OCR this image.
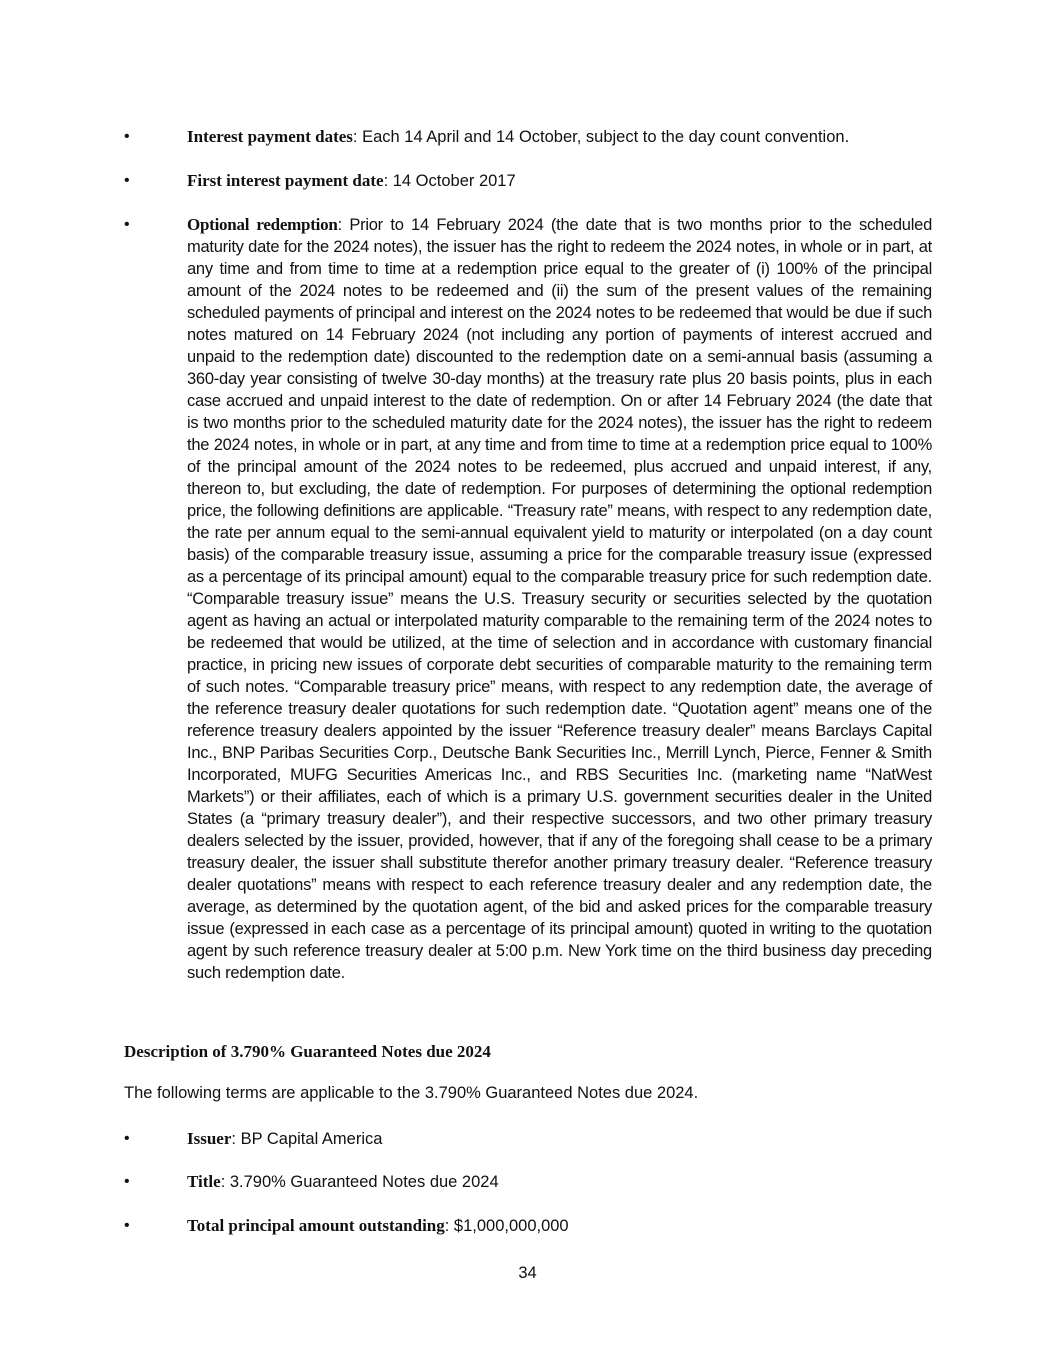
•	Interest payment dates: Each 14 April and 14 October, subject to the day count convention.
•	First interest payment date: 14 October 2017
•	Optional redemption: Prior to 14 February 2024 (the date that is two months prior to the scheduled maturity date for the 2024 notes), the issuer has the right to redeem the 2024 notes, in whole or in part, at any time and from time to time at a redemption price equal to the greater of (i) 100% of the principal amount of the 2024 notes to be redeemed and (ii) the sum of the present values of the remaining scheduled payments of principal and interest on the 2024 notes to be redeemed that would be due if such notes matured on 14 February 2024 (not including any portion of payments of interest accrued and unpaid to the redemption date) discounted to the redemption date on a semi-annual basis (assuming a 360-day year consisting of twelve 30-day months) at the treasury rate plus 20 basis points, plus in each case accrued and unpaid interest to the date of redemption. On or after 14 February 2024 (the date that is two months prior to the scheduled maturity date for the 2024 notes), the issuer has the right to redeem the 2024 notes, in whole or in part, at any time and from time to time at a redemption price equal to 100% of the principal amount of the 2024 notes to be redeemed, plus accrued and unpaid interest, if any, thereon to, but excluding, the date of redemption. For purposes of determining the optional redemption price, the following definitions are applicable. “Treasury rate” means, with respect to any redemption date, the rate per annum equal to the semi-annual equivalent yield to maturity or interpolated (on a day count basis) of the comparable treasury issue, assuming a price for the comparable treasury issue (expressed as a percentage of its principal amount) equal to the comparable treasury price for such redemption date. “Comparable treasury issue” means the U.S. Treasury security or securities selected by the quotation agent as having an actual or interpolated maturity comparable to the remaining term of the 2024 notes to be redeemed that would be utilized, at the time of selection and in accordance with customary financial practice, in pricing new issues of corporate debt securities of comparable maturity to the remaining term of such notes. “Comparable treasury price” means, with respect to any redemption date, the average of the reference treasury dealer quotations for such redemption date. “Quotation agent” means one of the reference treasury dealers appointed by the issuer “Reference treasury dealer” means Barclays Capital Inc., BNP Paribas Securities Corp., Deutsche Bank Securities Inc., Merrill Lynch, Pierce, Fenner & Smith Incorporated, MUFG Securities Americas Inc., and RBS Securities Inc. (marketing name “NatWest Markets”) or their affiliates, each of which is a primary U.S. government securities dealer in the United States (a “primary treasury dealer”), and their respective successors, and two other primary treasury dealers selected by the issuer, provided, however, that if any of the foregoing shall cease to be a primary treasury dealer, the issuer shall substitute therefor another primary treasury dealer. “Reference treasury dealer quotations” means with respect to each reference treasury dealer and any redemption date, the average, as determined by the quotation agent, of the bid and asked prices for the comparable treasury issue (expressed in each case as a percentage of its principal amount) quoted in writing to the quotation agent by such reference treasury dealer at 5:00 p.m. New York time on the third business day preceding such redemption date.
Description of 3.790% Guaranteed Notes due 2024
The following terms are applicable to the 3.790% Guaranteed Notes due 2024.
•	Issuer: BP Capital America
•	Title: 3.790% Guaranteed Notes due 2024
•	Total principal amount outstanding: $1,000,000,000
34
